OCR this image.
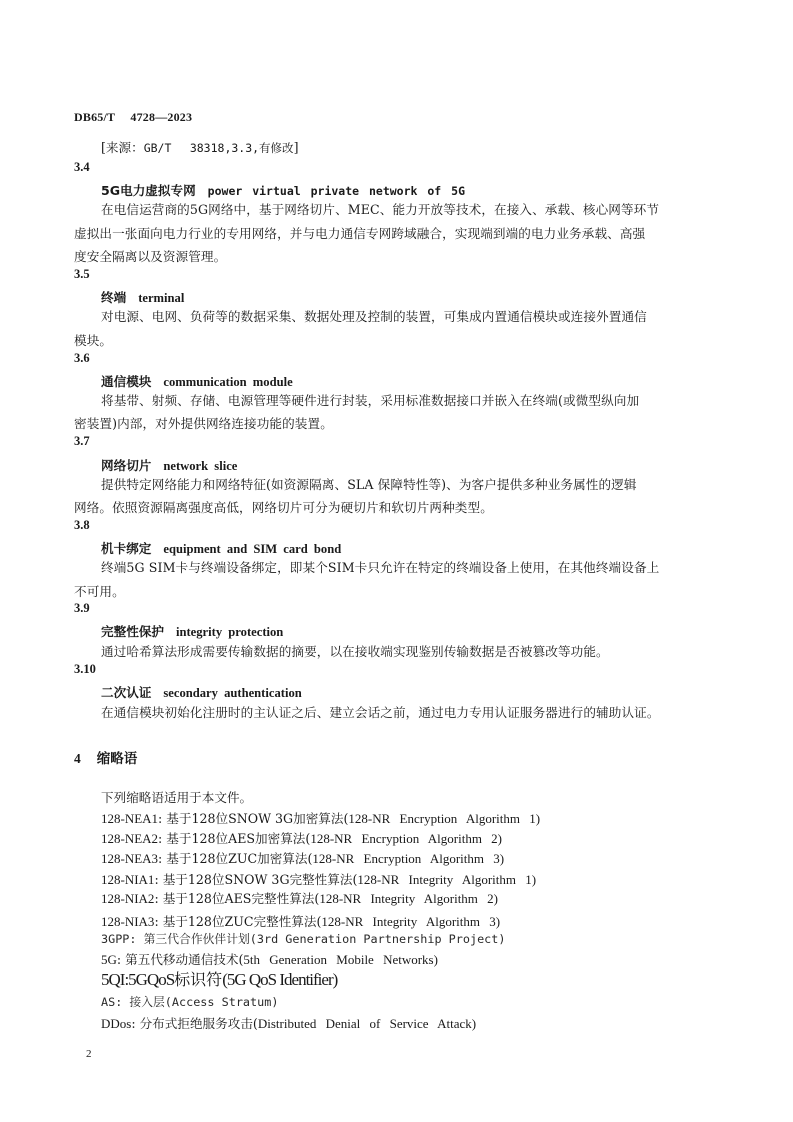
DB65/T　 4728—2023
[来源：GB/T　 38318,3.3,有修改]
3.4
5G电力虚拟专网 power virtual private network of 5G
在电信运营商的5G网络中，基于网络切片、MEC、能力开放等技术，在接入、承载、核心网等环节
虚拟出一张面向电力行业的专用网络，并与电力通信专网跨域融合，实现端到端的电力业务承载、高强
度安全隔离以及资源管理。
3.5
终端 terminal
对电源、电网、负荷等的数据采集、数据处理及控制的装置，可集成内置通信模块或连接外置通信
模块。
3.6
通信模块 communication module
将基带、射频、存储、电源管理等硬件进行封装，采用标准数据接口并嵌入在终端(或微型纵向加
密装置)内部，对外提供网络连接功能的装置。
3.7
网络切片 network slice
提供特定网络能力和网络特征(如资源隔离、SLA 保障特性等)、为客户提供多种业务属性的逻辑
网络。依照资源隔离强度高低，网络切片可分为硬切片和软切片两种类型。
3.8
机卡绑定 equipment and SIM card bond
终端5G SIM卡与终端设备绑定，即某个SIM卡只允许在特定的终端设备上使用，在其他终端设备上
不可用。
3.9
完整性保护 integrity protection
通过哈希算法形成需要传输数据的摘要，以在接收端实现鉴别传输数据是否被篡改等功能。
3.10
二次认证 secondary authentication
在通信模块初始化注册时的主认证之后、建立会话之前，通过电力专用认证服务器进行的辅助认证。
4 缩略语
下列缩略语适用于本文件。
128-NEA1: 基于128位SNOW 3G加密算法(128-NR Encryption Algorithm 1)
128-NEA2: 基于128位AES加密算法(128-NR Encryption Algorithm 2)
128-NEA3: 基于128位ZUC加密算法(128-NR Encryption Algorithm 3)
128-NIA1: 基于128位SNOW 3G完整性算法(128-NR Integrity Algorithm 1)
128-NIA2: 基于128位AES完整性算法(128-NR Integrity Algorithm 2)
128-NIA3: 基于128位ZUC完整性算法(128-NR Integrity Algorithm 3)
3GPP: 第三代合作伙伴计划(3rd Generation Partnership Project)
5G: 第五代移动通信技术(5th Generation Mobile Networks)
5QI:5GQoS标识符(5G QoS Identifier)
AS: 接入层(Access Stratum)
DDos: 分布式拒绝服务攻击(Distributed Denial of Service Attack)
2
